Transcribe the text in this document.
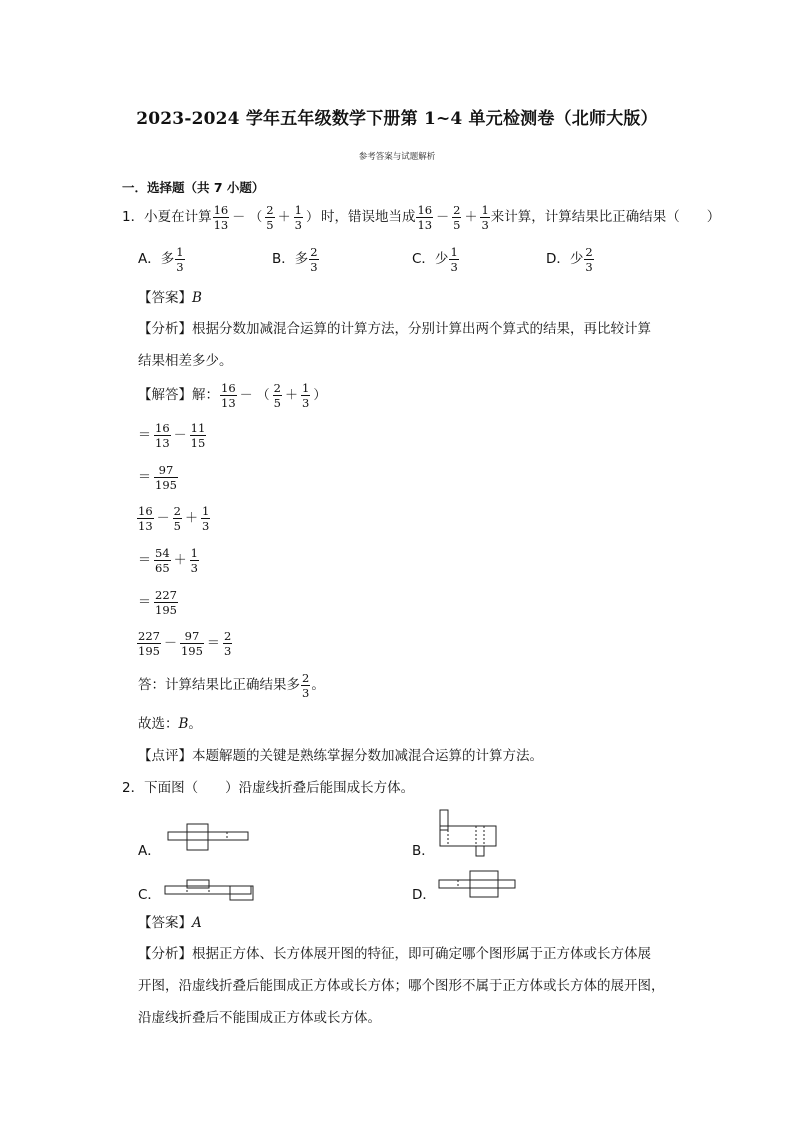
2023-2024 学年五年级数学下册第 1~4 单元检测卷（北师大版）
参考答案与试题解析
一．选择题（共 7 小题）
1． 小夏在计算 $\frac{16}{13}$ － （ $\frac{2}{5} + \frac{1}{3}$ ） 时，错误地当成 $\frac{16}{13} - \frac{2}{5} + \frac{1}{3}$ 来计算，计算结果比正确结果（　　）
A．多 $\frac{1}{3}$	B．多 $\frac{2}{3}$	C．少 $\frac{1}{3}$	D．少 $\frac{2}{3}$
【答案】B
【分析】根据分数加减混合运算的计算方法，分别计算出两个算式的结果，再比较计算
结果相差多少。
【解答】 解： $\frac{16}{13}$ － （ $\frac{2}{5} + \frac{1}{3}$ ）
＝ $\frac{16}{13} - \frac{11}{15}$
＝ $\frac{97}{195}$
$\frac{16}{13} - \frac{2}{5} + \frac{1}{3}$
＝ $\frac{54}{65} + \frac{1}{3}$
＝ $\frac{227}{195}$
$\frac{227}{195} - \frac{97}{195} = \frac{2}{3}$
答：计算结果比正确结果多 $\frac{2}{3}$ 。
故选：B。
【点评】本题解题的关键是熟练掌握分数加减混合运算的计算方法。
2．下面图（　　）沿虚线折叠后能围成长方体。
A．	B．
C．	D．
【答案】A
【分析】根据正方体、长方体展开图的特征，即可确定哪个图形属于正方体或长方体展
开图，沿虚线折叠后能围成正方体或长方体；哪个图形不属于正方体或长方体的展开图，
沿虚线折叠后不能围成正方体或长方体。
